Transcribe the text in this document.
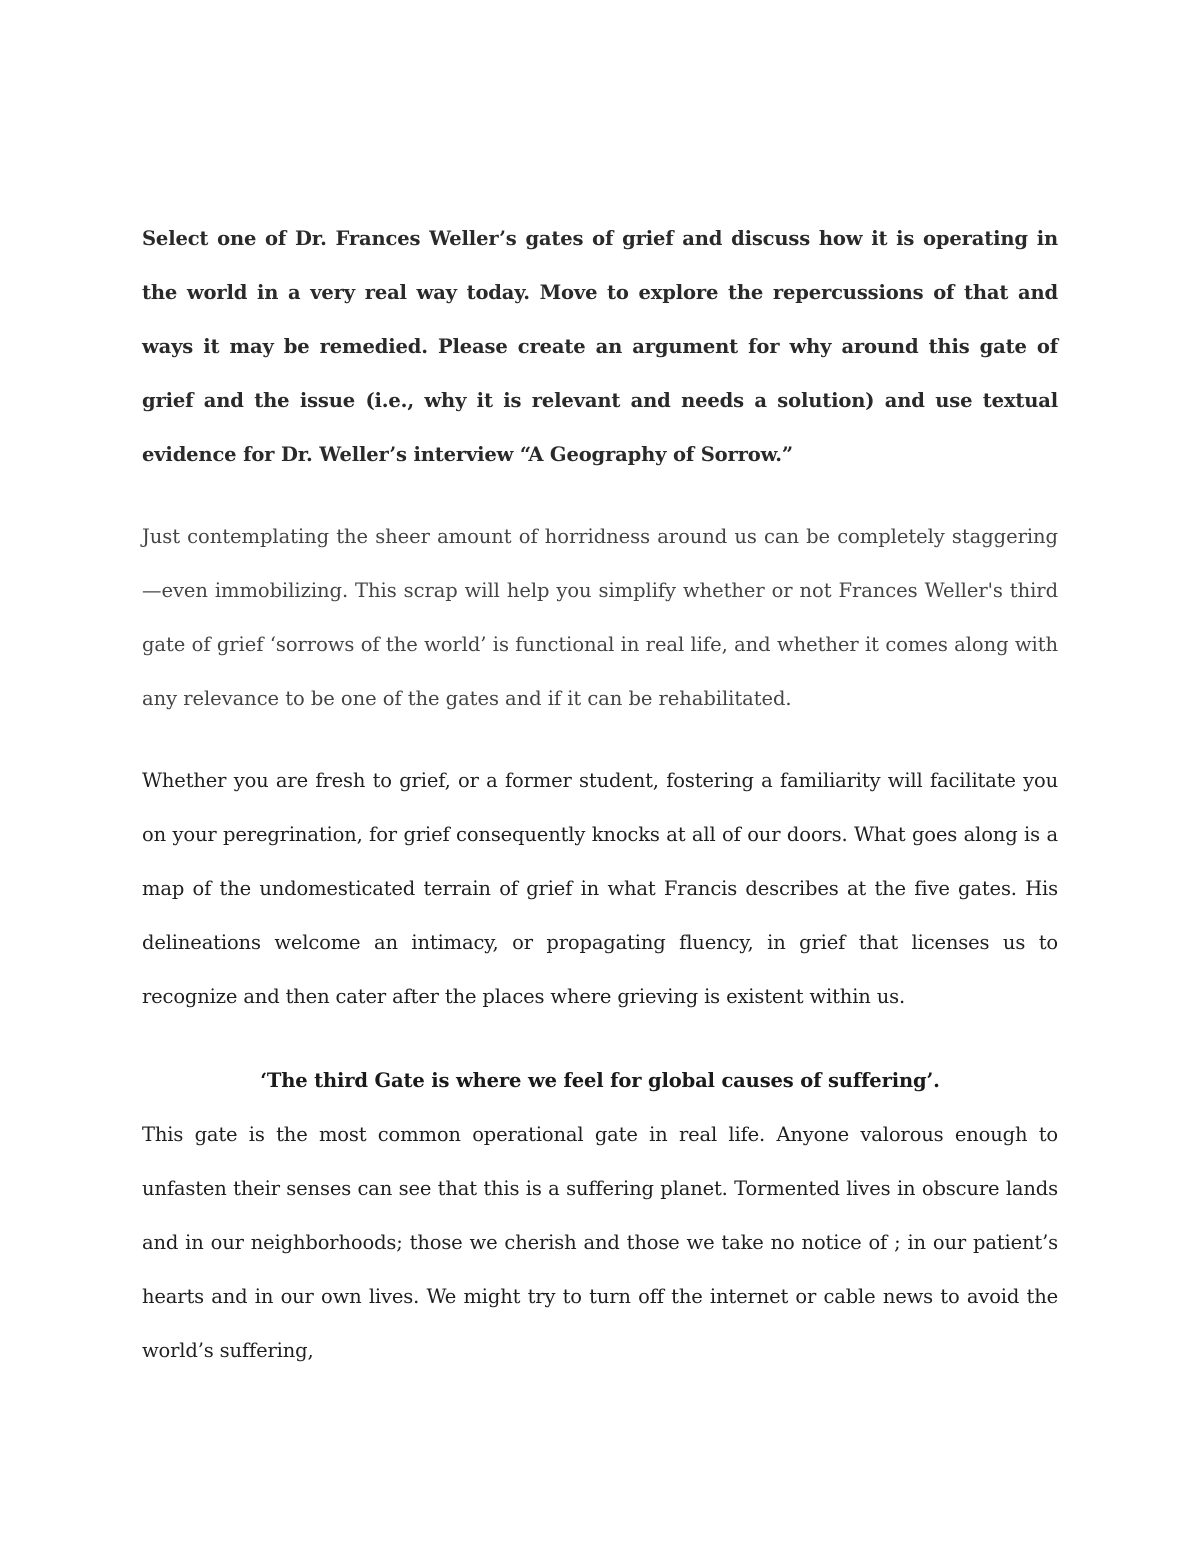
Select one of Dr. Frances Weller’s gates of grief and discuss how it is operating in the world in a very real way today. Move to explore the repercussions of that and ways it may be remedied. Please create an argument for why around this gate of grief and the issue (i.e., why it is relevant and needs a solution) and use textual evidence for Dr. Weller’s interview “A Geography of Sorrow.”

Just contemplating the sheer amount of horridness around us can be completely staggering—even immobilizing. This scrap will help you simplify whether or not Frances Weller's third gate of grief ‘sorrows of the world’ is functional in real life, and whether it comes along with any relevance to be one of the gates and if it can be rehabilitated.

Whether you are fresh to grief, or a former student, fostering a familiarity will facilitate you on your peregrination, for grief consequently knocks at all of our doors. What goes along is a map of the undomesticated terrain of grief in what Francis describes at the five gates. His delineations welcome an intimacy, or propagating fluency, in grief that licenses us to recognize and then cater after the places where grieving is existent within us.

‘The third Gate is where we feel for global causes of suffering’.

This gate is the most common operational gate in real life. Anyone valorous enough to unfasten their senses can see that this is a suffering planet. Tormented lives in obscure lands and in our neighborhoods; those we cherish and those we take no notice of ; in our patient’s hearts and in our own lives. We might try to turn off the internet or cable news to avoid the world’s suffering,
